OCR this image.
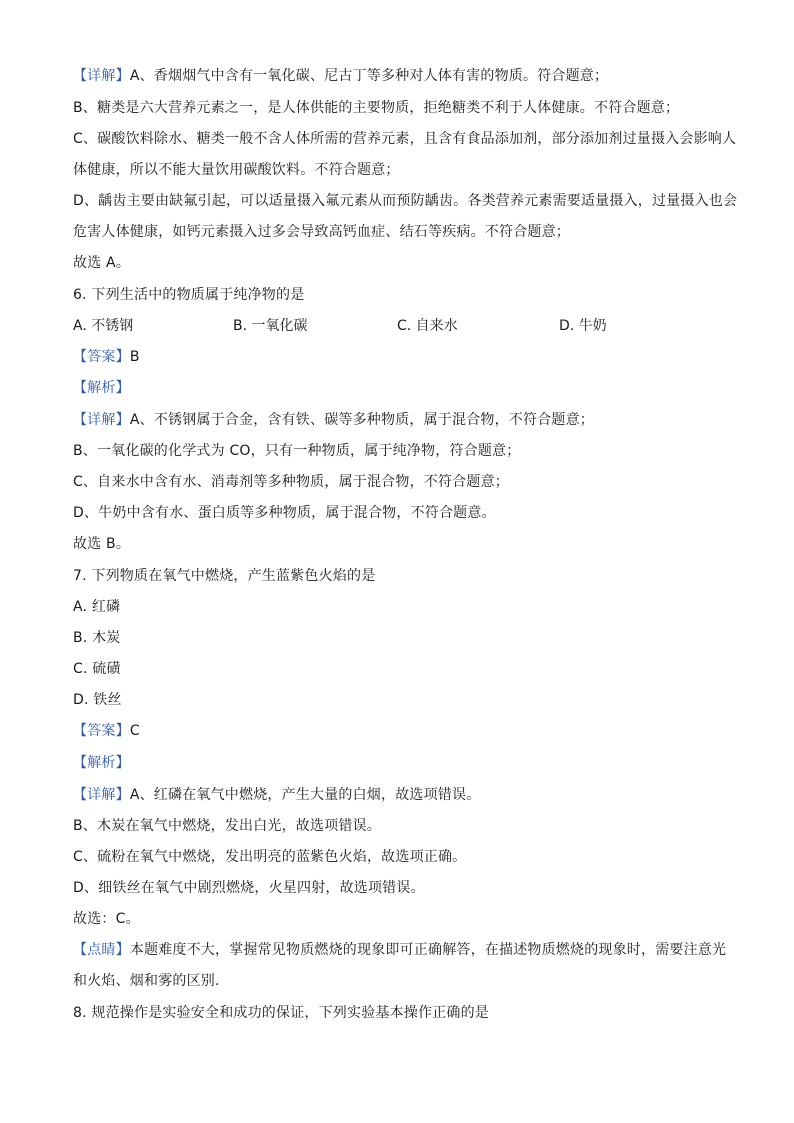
【详解】A、香烟烟气中含有一氧化碳、尼古丁等多种对人体有害的物质。符合题意；
B、糖类是六大营养元素之一，是人体供能的主要物质，拒绝糖类不利于人体健康。不符合题意；
C、碳酸饮料除水、糖类一般不含人体所需的营养元素，且含有食品添加剂，部分添加剂过量摄入会影响人
体健康，所以不能大量饮用碳酸饮料。不符合题意；
D、龋齿主要由缺氟引起，可以适量摄入氟元素从而预防龋齿。各类营养元素需要适量摄入，过量摄入也会
危害人体健康，如钙元素摄入过多会导致高钙血症、结石等疾病。不符合题意；
故选 A。
6. 下列生活中的物质属于纯净物的是
A. 不锈钢	B. 一氧化碳	C. 自来水	D. 牛奶
【答案】B
【解析】
【详解】A、不锈钢属于合金，含有铁、碳等多种物质，属于混合物，不符合题意；
B、一氧化碳的化学式为 CO，只有一种物质，属于纯净物，符合题意；
C、自来水中含有水、消毒剂等多种物质，属于混合物，不符合题意；
D、牛奶中含有水、蛋白质等多种物质，属于混合物，不符合题意。
故选 B。
7. 下列物质在氧气中燃烧，产生蓝紫色火焰的是
A. 红磷
B. 木炭
C. 硫磺
D. 铁丝
【答案】C
【解析】
【详解】A、红磷在氧气中燃烧，产生大量的白烟，故选项错误。
B、木炭在氧气中燃烧，发出白光，故选项错误。
C、硫粉在氧气中燃烧，发出明亮的蓝紫色火焰，故选项正确。
D、细铁丝在氧气中剧烈燃烧，火星四射，故选项错误。
故选：C。
【点睛】本题难度不大，掌握常见物质燃烧的现象即可正确解答，在描述物质燃烧的现象时，需要注意光
和火焰、烟和雾的区别．
8. 规范操作是实验安全和成功的保证，下列实验基本操作正确的是
